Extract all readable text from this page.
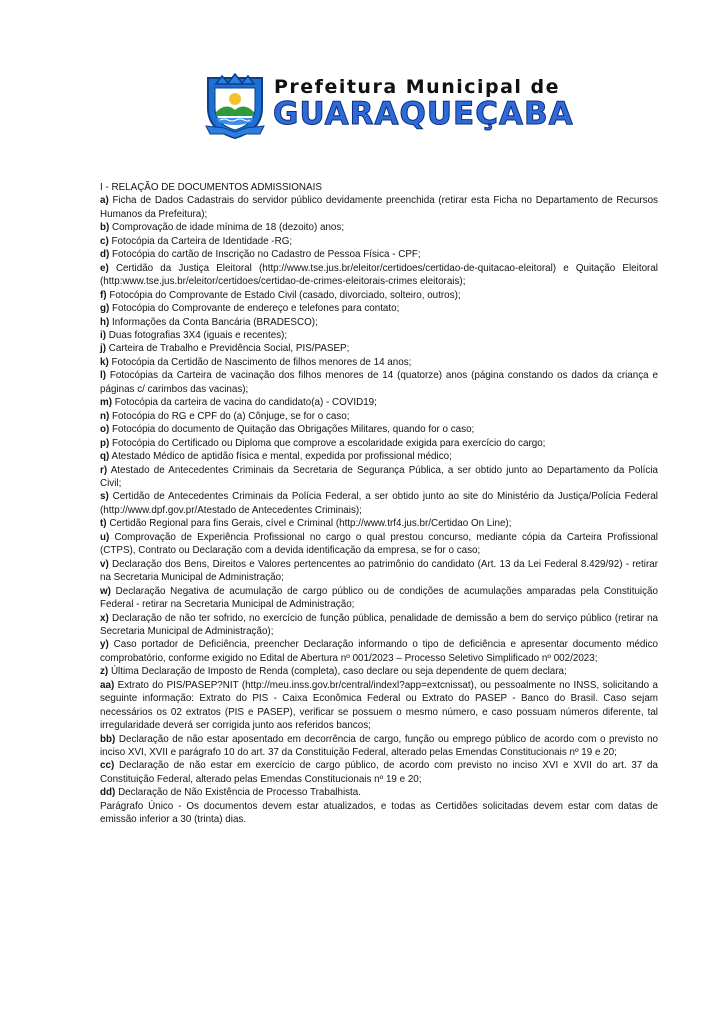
Prefeitura Municipal de
GUARAQUEÇABA

I - RELAÇÃO DE DOCUMENTOS ADMISSIONAIS

a) Ficha de Dados Cadastrais do servidor público devidamente preenchida (retirar esta Ficha no Departamento de Recursos Humanos da Prefeitura);

b) Comprovação de idade mínima de 18 (dezoito) anos;

c) Fotocópia da Carteira de Identidade -RG;

d) Fotocópia do cartão de Inscrição no Cadastro de Pessoa Física - CPF;

e) Certidão da Justiça Eleitoral (http://www.tse.jus.br/eleitor/certidoes/certidao-de-quitacao-eleitoral) e Quitação Eleitoral (http:www.tse.jus.br/eleitor/certidoes/certidao-de-crimes-eleitorais-crimes eleitorais);

f) Fotocópia do Comprovante de Estado Civil (casado, divorciado, solteiro, outros);

g) Fotocópia do Comprovante de endereço e telefones para contato;

h) Informações da Conta Bancária (BRADESCO);

i) Duas fotografias 3X4 (iguais e recentes);

j) Carteira de Trabalho e Previdência Social, PIS/PASEP;

k) Fotocópia da Certidão de Nascimento de filhos menores de 14 anos;

l) Fotocópias da Carteira de vacinação dos filhos menores de 14 (quatorze) anos (página constando os dados da criança e páginas c/ carimbos das vacinas);

m) Fotocópia da carteira de vacina do candidato(a) - COVID19;

n) Fotocópia do RG e CPF do (a) Cônjuge, se for o caso;

o) Fotocópia do documento de Quitação das Obrigações Militares, quando for o caso;

p) Fotocópia do Certificado ou Diploma que comprove a escolaridade exigida para exercício do cargo;

q) Atestado Médico de aptidão física e mental, expedida por profissional médico;

r) Atestado de Antecedentes Criminais da Secretaria de Segurança Pública, a ser obtido junto ao Departamento da Polícia Civil;

s) Certidão de Antecedentes Criminais da Polícia Federal, a ser obtido junto ao site do Ministério da Justiça/Polícia Federal (http://www.dpf.gov.pr/Atestado de Antecedentes Criminais);

t) Certidão Regional para fins Gerais, cível e Criminal (http://www.trf4.jus.br/Certidao On Line);

u) Comprovação de Experiência Profissional no cargo o qual prestou concurso, mediante cópia da Carteira Profissional (CTPS), Contrato ou Declaração com a devida identificação da empresa, se for o caso;

v) Declaração dos Bens, Direitos e Valores pertencentes ao patrimônio do candidato (Art. 13 da Lei Federal 8.429/92) - retirar na Secretaria Municipal de Administração;

w) Declaração Negativa de acumulação de cargo público ou de condições de acumulações amparadas pela Constituição Federal - retirar na Secretaria Municipal de Administração;

x) Declaração de não ter sofrido, no exercício de função pública, penalidade de demissão a bem do serviço público (retirar na Secretaria Municipal de Administração);

y) Caso portador de Deficiência, preencher Declaração informando o tipo de deficiência e apresentar documento médico comprobatório, conforme exigido no Edital de Abertura nº 001/2023 – Processo Seletivo Simplificado nº 002/2023;

z) Última Declaração de Imposto de Renda (completa), caso declare ou seja dependente de quem declara;

aa) Extrato do PIS/PASEP?NIT (http://meu.inss.gov.br/central/indexl?app=extcnissat), ou pessoalmente no INSS, solicitando a seguinte informação: Extrato do PIS - Caixa Econômica Federal ou Extrato do PASEP - Banco do Brasil. Caso sejam necessários os 02 extratos (PIS e PASEP), verificar se possuem o mesmo número, e caso possuam números diferente, tal irregularidade deverá ser corrigida junto aos referidos bancos;

bb) Declaração de não estar aposentado em decorrência de cargo, função ou emprego público de acordo com o previsto no inciso XVI, XVII e parágrafo 10 do art. 37 da Constituição Federal, alterado pelas Emendas Constitucionais nº 19 e 20;

cc) Declaração de não estar em exercício de cargo público, de acordo com previsto no inciso XVI e XVII do art. 37 da Constituição Federal, alterado pelas Emendas Constitucionais nº 19 e 20;

dd) Declaração de Não Existência de Processo Trabalhista.

Parágrafo Único - Os documentos devem estar atualizados, e todas as Certidões solicitadas devem estar com datas de emissão inferior a 30 (trinta) dias.
